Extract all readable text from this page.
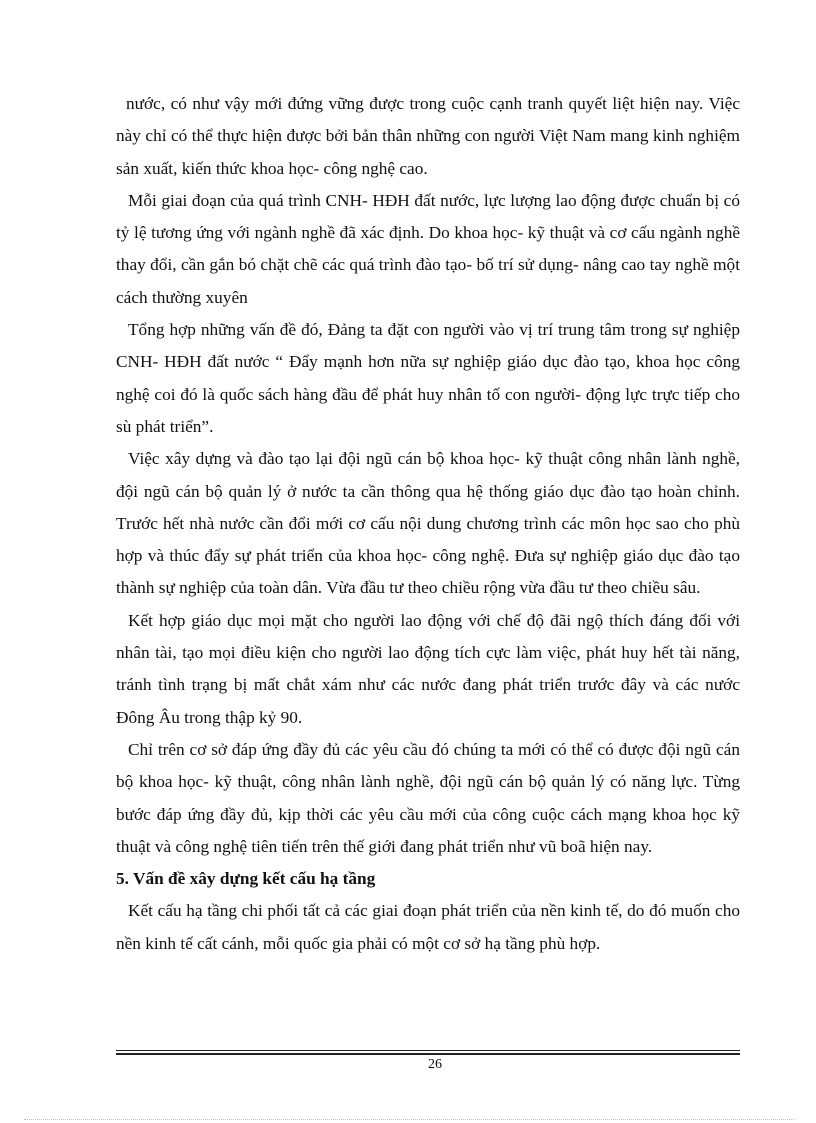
nước, có như vậy mới đứng vững được trong cuộc cạnh tranh quyết liệt hiện nay. Việc này chỉ có thể thực hiện được bởi bản thân những con người Việt Nam mang kinh nghiệm sản xuất, kiến thức khoa học- công nghệ cao.

Mỗi giai đoạn của quá trình CNH- HĐH đất nước, lực lượng lao động được chuẩn bị có tỷ lệ tương ứng với ngành nghề đã xác định. Do khoa học- kỹ thuật và cơ cấu ngành nghề thay đổi, cần gắn bó chặt chẽ các quá trình đào tạo- bố trí sử dụng- nâng cao tay nghề một cách thường xuyên

Tổng hợp những vấn đề đó, Đảng ta đặt con người vào vị trí trung tâm trong sự nghiệp CNH- HĐH đất nước “ Đẩy mạnh hơn nữa sự nghiệp giáo dục đào tạo, khoa học công nghệ coi đó là quốc sách hàng đầu để phát huy nhân tố con người- động lực trực tiếp cho sù phát triển”.

Việc xây dựng và đào tạo lại đội ngũ cán bộ khoa học- kỹ thuật công nhân lành nghề, đội ngũ cán bộ quản lý ở nước ta cần thông qua hệ thống giáo dục đào tạo hoàn chỉnh. Trước hết nhà nước cần đổi mới cơ cấu nội dung chương trình các môn học sao cho phù hợp và thúc đẩy sự phát triển của khoa học- công nghệ. Đưa sự nghiệp giáo dục đào tạo thành sự nghiệp của toàn dân. Vừa đầu tư theo chiều rộng vừa đầu tư theo chiều sâu.

Kết hợp giáo dục mọi mặt cho người lao động với chế độ đãi ngộ thích đáng đối với nhân tài, tạo mọi điều kiện cho người lao động tích cực làm việc, phát huy hết tài năng, tránh tình trạng bị mất chắt xám như các nước đang phát triển trước đây và các nước Đông Âu trong thập kỷ 90.

Chỉ trên cơ sở đáp ứng đầy đủ các yêu cầu đó chúng ta mới có thể có được đội ngũ cán bộ khoa học- kỹ thuật, công nhân lành nghề, đội ngũ cán bộ quản lý có năng lực. Từng bước đáp ứng đầy đủ, kịp thời các yêu cầu mới của công cuộc cách mạng khoa học kỹ thuật và công nghệ tiên tiến trên thế giới đang phát triển như vũ boã hiện nay.

5. Vấn đề xây dựng kết cấu hạ tầng

Kết cấu hạ tầng chi phối tất cả các giai đoạn phát triển của nền kinh tế, do đó muốn cho nền kinh tế cất cánh, mỗi quốc gia phải có một cơ sở hạ tầng phù hợp.

26
